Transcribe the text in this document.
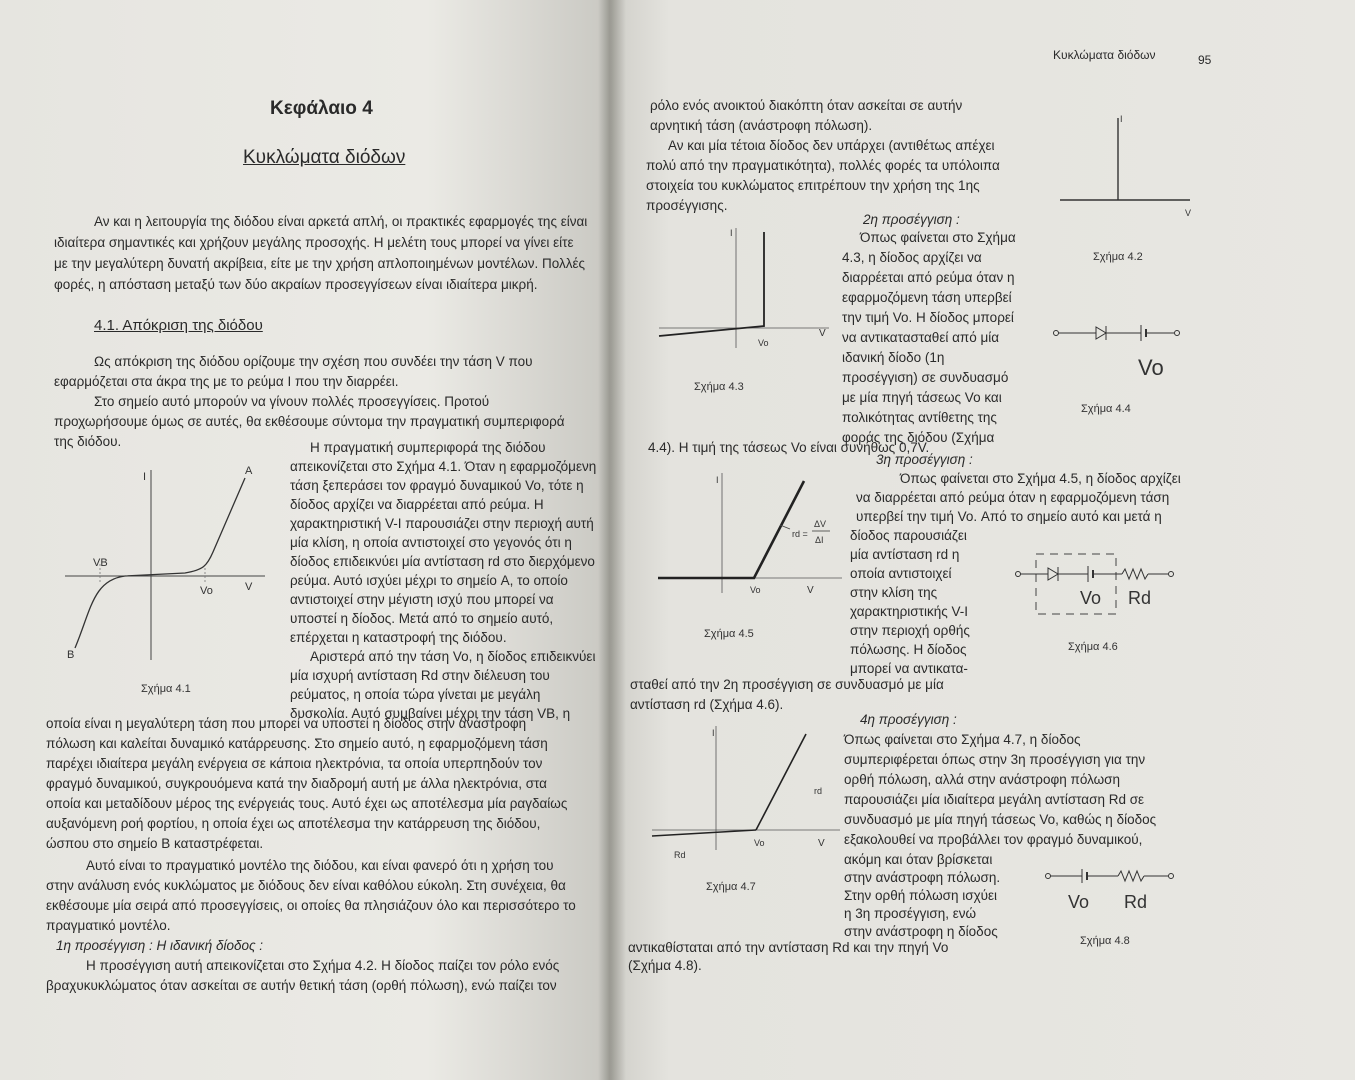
Κεφάλαιο 4
Κυκλώματα διόδων
Αν και η λειτουργία της διόδου είναι αρκετά απλή, οι πρακτικές εφαρμογές της είναι
ιδιαίτερα σημαντικές και χρήζουν μεγάλης προσοχής. Η μελέτη τους μπορεί να γίνει είτε
με την μεγαλύτερη δυνατή ακρίβεια, είτε με την χρήση απλοποιημένων μοντέλων. Πολλές
φορές, η απόσταση μεταξύ των δύο ακραίων προσεγγίσεων είναι ιδιαίτερα μικρή.
4.1. Απόκριση της διόδου
Ως απόκριση της διόδου ορίζουμε την σχέση που συνδέει την τάση V που
εφαρμόζεται στα άκρα της με το ρεύμα I που την διαρρέει.
Στο σημείο αυτό μπορούν να γίνουν πολλές προσεγγίσεις. Προτού
προχωρήσουμε όμως σε αυτές, θα εκθέσουμε σύντομα την πραγματική συμπεριφορά
της διόδου.
I	A
VB
Vo	V
B
Σχήμα 4.1
Η πραγματική συμπεριφορά της διόδου
απεικονίζεται στο Σχήμα 4.1. Όταν η εφαρμοζόμενη
τάση ξεπεράσει τον φραγμό δυναμικού Vo, τότε η
δίοδος αρχίζει να διαρρέεται από ρεύμα. Η
χαρακτηριστική V-I παρουσιάζει στην περιοχή αυτή
μία κλίση, η οποία αντιστοιχεί στο γεγονός ότι η
δίοδος επιδεικνύει μία αντίσταση rd στο διερχόμενο
ρεύμα. Αυτό ισχύει μέχρι το σημείο A, το οποίο
αντιστοιχεί στην μέγιστη ισχύ που μπορεί να
υποστεί η δίοδος. Μετά από το σημείο αυτό,
επέρχεται η καταστροφή της διόδου.
Αριστερά από την τάση Vo, η δίοδος επιδεικνύει
μία ισχυρή αντίσταση Rd στην διέλευση του
ρεύματος, η οποία τώρα γίνεται με μεγάλη
δυσκολία. Αυτό συμβαίνει μέχρι την τάση VB, η
οποία είναι η μεγαλύτερη τάση που μπορεί να υποστεί η δίοδος στην ανάστροφη
πόλωση και καλείται δυναμικό κατάρρευσης. Στο σημείο αυτό, η εφαρμοζόμενη τάση
παρέχει ιδιαίτερα μεγάλη ενέργεια σε κάποια ηλεκτρόνια, τα οποία υπερπηδούν τον
φραγμό δυναμικού, συγκρουόμενα κατά την διαδρομή αυτή με άλλα ηλεκτρόνια, στα
οποία και μεταδίδουν μέρος της ενέργειάς τους. Αυτό έχει ως αποτέλεσμα μία ραγδαίως
αυξανόμενη ροή φορτίου, η οποία έχει ως αποτέλεσμα την κατάρρευση της διόδου,
ώσπου στο σημείο B καταστρέφεται.
Αυτό είναι το πραγματικό μοντέλο της διόδου, και είναι φανερό ότι η χρήση του
στην ανάλυση ενός κυκλώματος με διόδους δεν είναι καθόλου εύκολη. Στη συνέχεια, θα
εκθέσουμε μία σειρά από προσεγγίσεις, οι οποίες θα πλησιάζουν όλο και περισσότερο το
πραγματικό μοντέλο.
1η προσέγγιση : Η ιδανική δίοδος :
Η προσέγγιση αυτή απεικονίζεται στο Σχήμα 4.2. Η δίοδος παίζει τον ρόλο ενός
βραχυκυκλώματος όταν ασκείται σε αυτήν θετική τάση (ορθή πόλωση), ενώ παίζει τον
Κυκλώματα διόδων	95
ρόλο ενός ανοικτού διακόπτη όταν ασκείται σε αυτήν
αρνητική τάση (ανάστροφη πόλωση).
Αν και μία τέτοια δίοδος δεν υπάρχει (αντιθέτως απέχει
πολύ από την πραγματικότητα), πολλές φορές τα υπόλοιπα
στοιχεία του κυκλώματος επιτρέπουν την χρήση της 1ης
προσέγγισης.
I
V
Σχήμα 4.2
I
Vo
V
Σχήμα 4.3
2η προσέγγιση :
Όπως φαίνεται στο Σχήμα
4.3, η δίοδος αρχίζει να
διαρρέεται από ρεύμα όταν η
εφαρμοζόμενη τάση υπερβεί
την τιμή Vo. Η δίοδος μπορεί
να αντικατασταθεί από μία
ιδανική δίοδο (1η
προσέγγιση) σε συνδυασμό
με μία πηγή τάσεως Vo και
πολικότητας αντίθετης της
φοράς της διόδου (Σχήμα
4.4). Η τιμή της τάσεως Vo είναι συνήθως 0,7V.
Vo
Σχήμα 4.4
I
rd =
ΔV
ΔI
Vo	V
Σχήμα 4.5
3η προσέγγιση :
Όπως φαίνεται στο Σχήμα 4.5, η δίοδος αρχίζει
να διαρρέεται από ρεύμα όταν η εφαρμοζόμενη τάση
υπερβεί την τιμή Vo. Από το σημείο αυτό και μετά η
δίοδος παρουσιάζει
μία αντίσταση rd η
οποία αντιστοιχεί
στην κλίση της
χαρακτηριστικής V-I
στην περιοχή ορθής
πόλωσης. Η δίοδος
μπορεί να αντικατα-
σταθεί από την 2η προσέγγιση σε συνδυασμό με μία
αντίσταση rd (Σχήμα 4.6).
Vo Rd
Σχήμα 4.6
I
rd
Rd
Vo	V
Σχήμα 4.7
4η προσέγγιση :
Όπως φαίνεται στο Σχήμα 4.7, η δίοδος
συμπεριφέρεται όπως στην 3η προσέγγιση για την
ορθή πόλωση, αλλά στην ανάστροφη πόλωση
παρουσιάζει μία ιδιαίτερα μεγάλη αντίσταση Rd σε
συνδυασμό με μία πηγή τάσεως Vo, καθώς η δίοδος
εξακολουθεί να προβάλλει τον φραγμό δυναμικού,
ακόμη και όταν βρίσκεται
στην ανάστροφη πόλωση.
Στην ορθή πόλωση ισχύει
η 3η προσέγγιση, ενώ
στην ανάστροφη η δίοδος
αντικαθίσταται από την αντίσταση Rd και την πηγή Vo
(Σχήμα 4.8).
Vo Rd
Σχήμα 4.8
